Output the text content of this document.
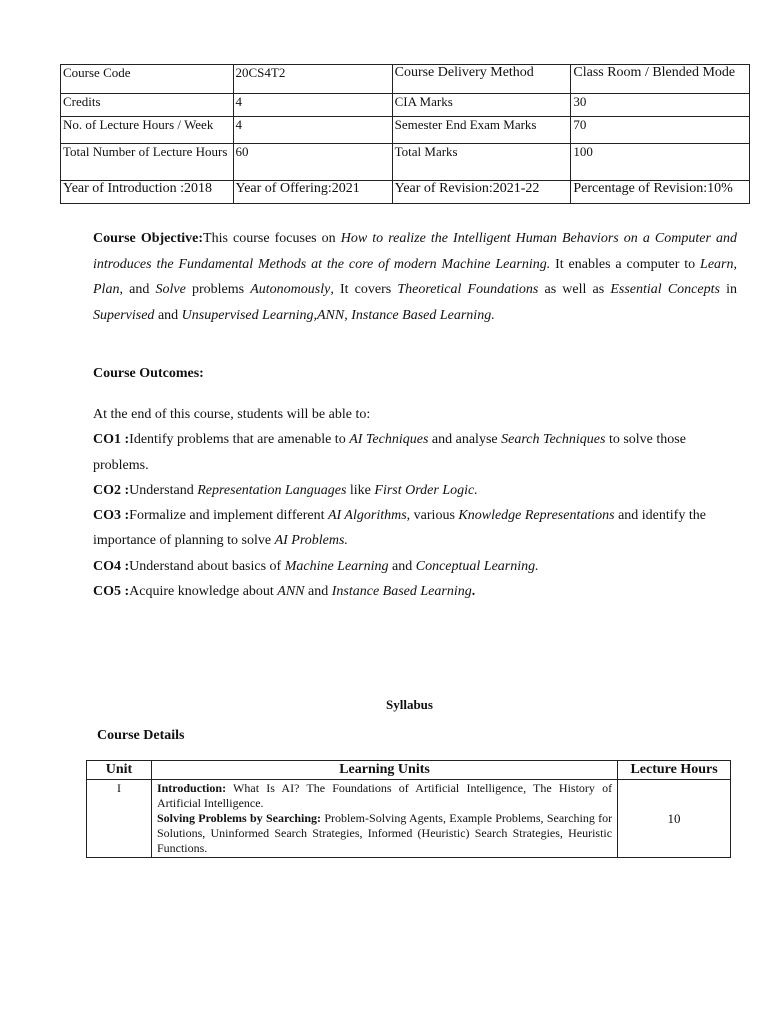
Course Code	20CS4T2	Course Delivery Method	Class Room / Blended Mode
Credits	4	CIA Marks	30
No. of Lecture Hours / Week	4	Semester End Exam Marks	70
Total Number of Lecture Hours	60	Total Marks	100
Year of Introduction :2018	Year of Offering:2021	Year of Revision:2021-22	Percentage of Revision:10%
Course Objective:This course focuses on How to realize the Intelligent Human Behaviors on a Computer and introduces the Fundamental Methods at the core of modern Machine Learning. It enables a computer to Learn, Plan, and Solve problems Autonomously, It covers Theoretical Foundations as well as Essential Concepts in Supervised and Unsupervised Learning,ANN, Instance Based Learning.
Course Outcomes:

At the end of this course, students will be able to:

CO1 :Identify problems that are amenable to AI Techniques and analyse Search Techniques to solve those problems.

CO2 :Understand Representation Languages like First Order Logic.

CO3 :Formalize and implement different AI Algorithms, various Knowledge Representations and identify the importance of planning to solve AI Problems.

CO4 :Understand about basics of Machine Learning and Conceptual Learning.

CO5 :Acquire knowledge about ANN and Instance Based Learning.

Syllabus
Course Details
Unit	Learning Units	Lecture Hours
I	Introduction: What Is AI? The Foundations of Artificial Intelligence, The History of Artificial Intelligence.

Solving Problems by Searching: Problem-Solving Agents, Example Problems, Searching for Solutions, Uninformed Search Strategies, Informed (Heuristic) Search Strategies, Heuristic Functions.	10
